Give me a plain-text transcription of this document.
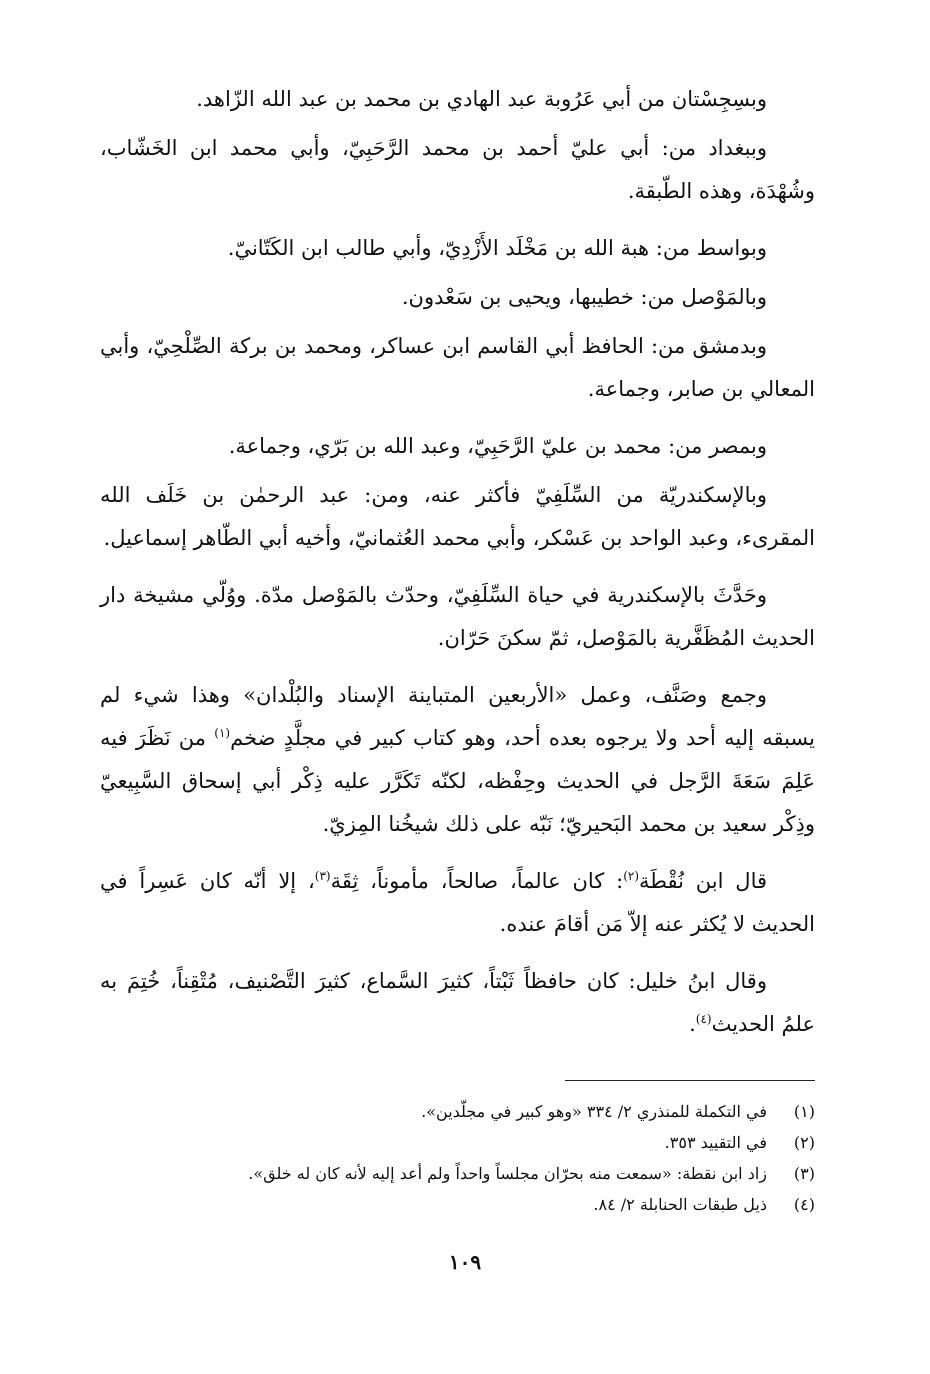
وبسِجِسْتان من أبي عَرُوبة عبد الهادي بن محمد بن عبد الله الزّاهد.

وببغداد من: أبي عليّ أحمد بن محمد الرَّحَبِيّ، وأبي محمد ابن الخَشّاب، وشُهْدَة، وهذه الطّبقة.

وبواسط من: هبة الله بن مَخْلَد الأَزْدِيّ، وأبي طالب ابن الكَتّانيّ.

وبالمَوْصل من: خطيبها، ويحيى بن سَعْدون.

وبدمشق من: الحافظ أبي القاسم ابن عساكر، ومحمد بن بركة الصِّلْحِيّ، وأبي المعالي بن صابر، وجماعة.

وبمصر من: محمد بن عليّ الرَّحَبِيّ، وعبد الله بن بَرّي، وجماعة.

وبالإسكندريّة من السِّلَفِيّ فأكثر عنه، ومن: عبد الرحمٰن بن خَلَف الله المقرىء، وعبد الواحد بن عَسْكر، وأبي محمد العُثمانيّ، وأخيه أبي الطّاهر إسماعيل.

وحَدَّثَ بالإسكندرية في حياة السِّلَفِيّ، وحدّث بالمَوْصل مدّة. ووُلّي مشيخة دار الحديث المُظَفَّرية بالمَوْصل، ثمّ سكنَ حَرّان.

وجمع وصَنَّف، وعمل «الأربعين المتباينة الإسناد والبُلْدان» وهذا شيء لم يسبقه إليه أحد ولا يرجوه بعده أحد، وهو كتاب كبير في مجلَّدٍ ضخم$^{(١)}$ من نَظَرَ فيه عَلِمَ سَعَةَ الرَّجل في الحديث وحِفْظه، لكنّه تَكَرَّر عليه ذِكْر أبي إسحاق السَّبِيعيّ وذِكْر سعيد بن محمد البَحيريّ؛ نَبّه على ذلك شيخُنا المِزيّ.

قال ابن نُقْطَة$^{(٢)}$: كان عالماً، صالحاً، مأموناً، ثِقَة$^{(٣)}$، إلا أنّه كان عَسِراً في الحديث لا يُكثر عنه إلاّ مَن أقامَ عنده.

وقال ابنُ خليل: كان حافظاً ثَبْتاً، كثيرَ السَّماع، كثيرَ التَّصْنيف، مُتْقِناً، خُتِمَ به علمُ الحديث$^{(٤)}$.

(١)
في التكملة للمنذري ٢/ ٣٣٤ «وهو كبير في مجلّدين».
(٢)
في التقييد ٣٥٣.
(٣)
زاد ابن نقطة: «سمعت منه بحرّان مجلساً واحداً ولم أعد إليه لأنه كان له خلق».
(٤)
ذيل طبقات الحنابلة ٢/ ٨٤.
١٠٩
